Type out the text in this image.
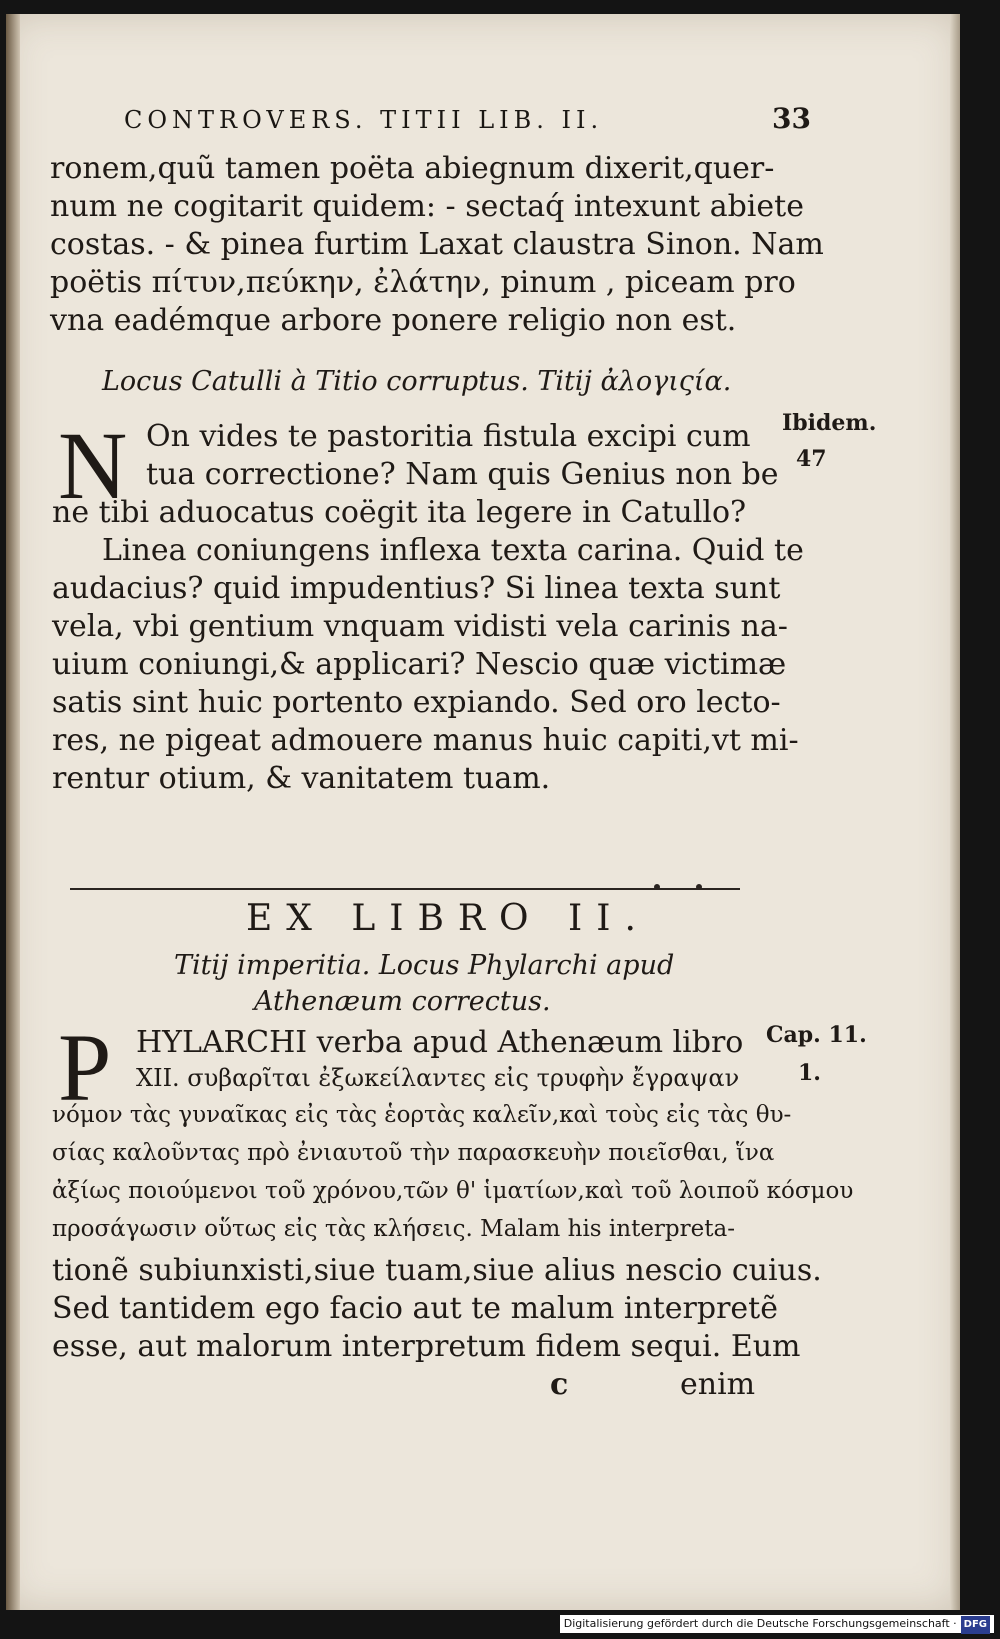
CONTROVERS. TITII LIB. II.	33
ronem,quũ tamen poëta abiegnum dixerit,quer-
num ne cogitarit quidem: - sectaq́ intexunt abiete
costas. - & pinea furtim Laxat claustra Sinon. Nam
poëtis πίτυν,πεύκην, ἐλάτην, pinum , piceam pro
vna eadémque arbore ponere religio non est.
Locus Catulli à Titio corruptus. Titij ἀλογιςία.
N On vides te pastoritia fistula excipi cum
tua correctione? Nam quis Genius non be
ne tibi aduocatus coëgit ita legere in Catullo?
Linea coniungens inflexa texta carina. Quid te
audacius? quid impudentius? Si linea texta sunt
vela, vbi gentium vnquam vidisti vela carinis na-
uium coniungi,& applicari? Nescio quæ victimæ
satis sint huic portento expiando. Sed oro lecto-
res, ne pigeat admouere manus huic capiti,vt mi-
rentur otium, & vanitatem tuam.
Ibidem.
47
EX LIBRO II.
Titij imperitia. Locus Phylarchi apud
Athenæum correctus.
P HYLARCHI verba apud Athenæum libro
XII. συβαρῖται ἐξωκείλαντες εἰς τρυφὴν ἔγραψαν
νόμον τὰς γυναῖκας εἰς τὰς ἑορτὰς καλεῖν,καὶ τοὺς εἰς τὰς θυ-
σίας καλοῦντας πρὸ ἐνιαυτοῦ τὴν παρασκευὴν ποιεῖσθαι, ἵνα
ἀξίως ποιούμενοι τοῦ χρόνου,τῶν θ' ἱματίων,καὶ τοῦ λοιποῦ κόσμου
προσάγωσιν οὕτως εἰς τὰς κλήσεις. Malam his interpreta-
tionẽ subiunxisti,siue tuam,siue alius nescio cuius.
Sed tantidem ego facio aut te malum interpretẽ
esse, aut malorum interpretum fidem sequi. Eum
c	enim
Cap. 11.
1.
Digitalisierung gefördert durch die Deutsche Forschungsgemeinschaft · DFG
